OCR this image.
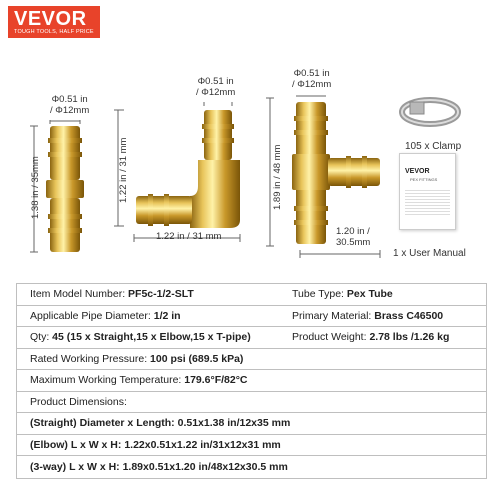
VEVOR
TOUGH TOOLS, HALF PRICE
Φ0.51 in
/ Φ12mm
1.38 in / 35mm
Φ0.51 in
/ Φ12mm
1.22 in / 31 mm
1.22 in / 31 mm
Φ0.51 in
/ Φ12mm
1.89 in / 48 mm
1.20 in /
30.5mm
105 x Clamp
VEVOR
PEX FITTINGS
1 x User Manual
Item Model Number: PF5c-1/2-SLT	Tube Type: Pex Tube
Applicable Pipe Diameter: 1/2 in	Primary Material: Brass C46500
Qty: 45 (15 x Straight,15 x Elbow,15 x T-pipe)	Product Weight: 2.78 lbs /1.26 kg
Rated Working Pressure: 100 psi (689.5 kPa)
Maximum Working Temperature: 179.6°F/82°C
Product Dimensions:
(Straight) Diameter x Length: 0.51x1.38 in/12x35 mm
(Elbow) L x W x H: 1.22x0.51x1.22 in/31x12x31 mm
(3-way) L x W x H: 1.89x0.51x1.20 in/48x12x30.5 mm
